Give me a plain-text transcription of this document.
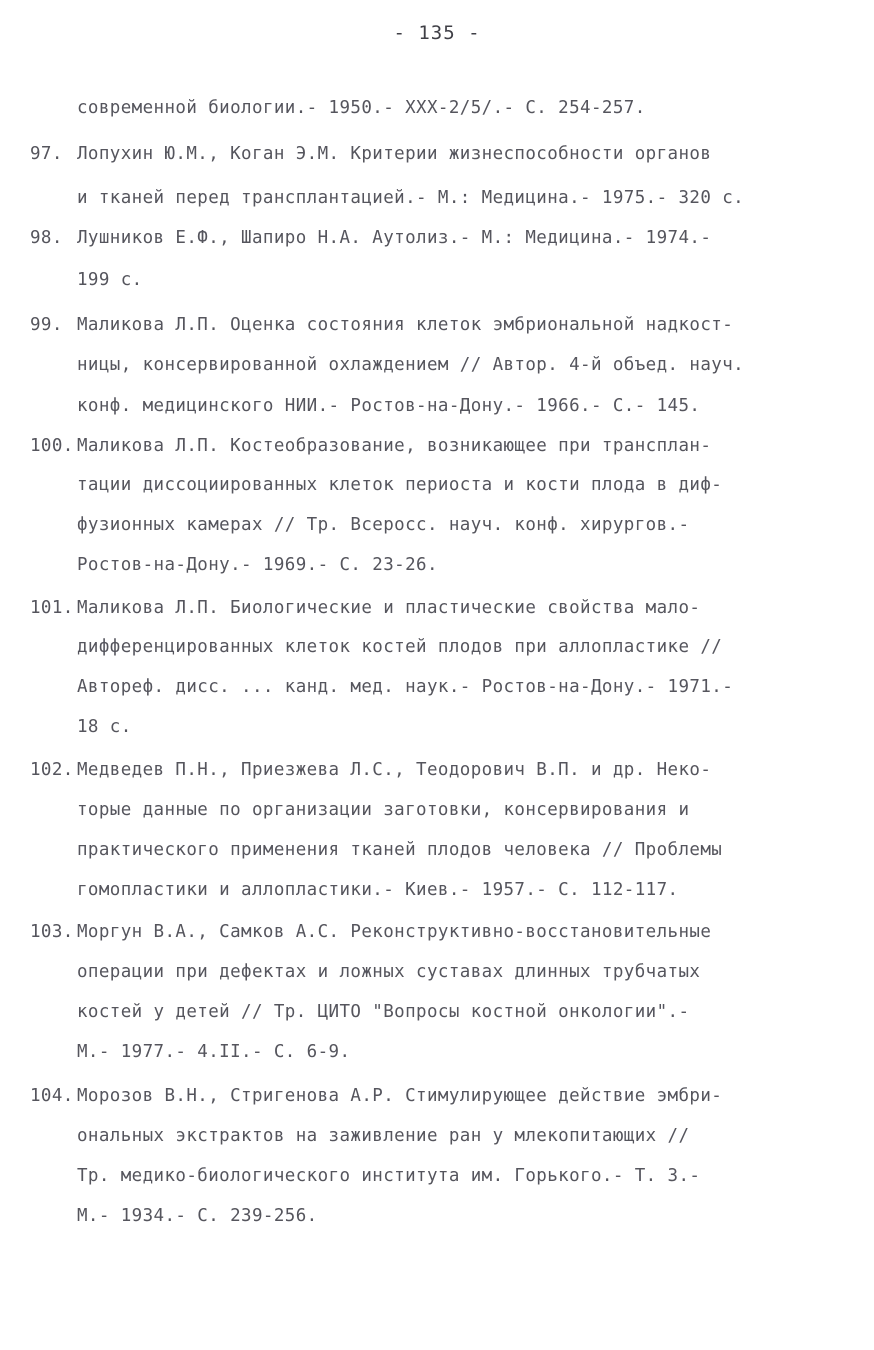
- 135 -
современной биологии.- 1950.- XXX-2/5/.- С. 254-257.
97. Лопухин Ю.М., Коган Э.М. Критерии жизнеспособности органов
и тканей перед трансплантацией.- М.: Медицина.- 1975.- 320 с.
98. Лушников Е.Ф., Шапиро Н.А. Аутолиз.- М.: Медицина.- 1974.-
199 с.
99. Маликова Л.П. Оценка состояния клеток эмбриональной надкост-
ницы, консервированной охлаждением // Автор. 4-й объед. науч.
конф. медицинского НИИ.- Ростов-на-Дону.- 1966.- С.- 145.
100. Маликова Л.П. Костеобразование, возникающее при трансплан-
тации диссоциированных клеток периоста и кости плода в диф-
фузионных камерах // Тр. Всеросс. науч. конф. хирургов.-
Ростов-на-Дону.- 1969.- С. 23-26.
101. Маликова Л.П. Биологические и пластические свойства мало-
дифференцированных клеток костей плодов при аллопластике //
Автореф. дисс. ... канд. мед. наук.- Ростов-на-Дону.- 1971.-
18 с.
102. Медведев П.Н., Приезжева Л.С., Теодорович В.П. и др. Неко-
торые данные по организации заготовки, консервирования и
практического применения тканей плодов человека // Проблемы
гомопластики и аллопластики.- Киев.- 1957.- С. 112-117.
103. Моргун В.А., Самков А.С. Реконструктивно-восстановительные
операции при дефектах и ложных суставах длинных трубчатых
костей у детей // Тр. ЦИТО "Вопросы костной онкологии".-
М.- 1977.- 4.II.- С. 6-9.
104. Морозов В.Н., Стригенова А.Р. Стимулирующее действие эмбри-
ональных экстрактов на заживление ран у млекопитающих //
Тр. медико-биологического института им. Горького.- Т. 3.-
М.- 1934.- С. 239-256.
